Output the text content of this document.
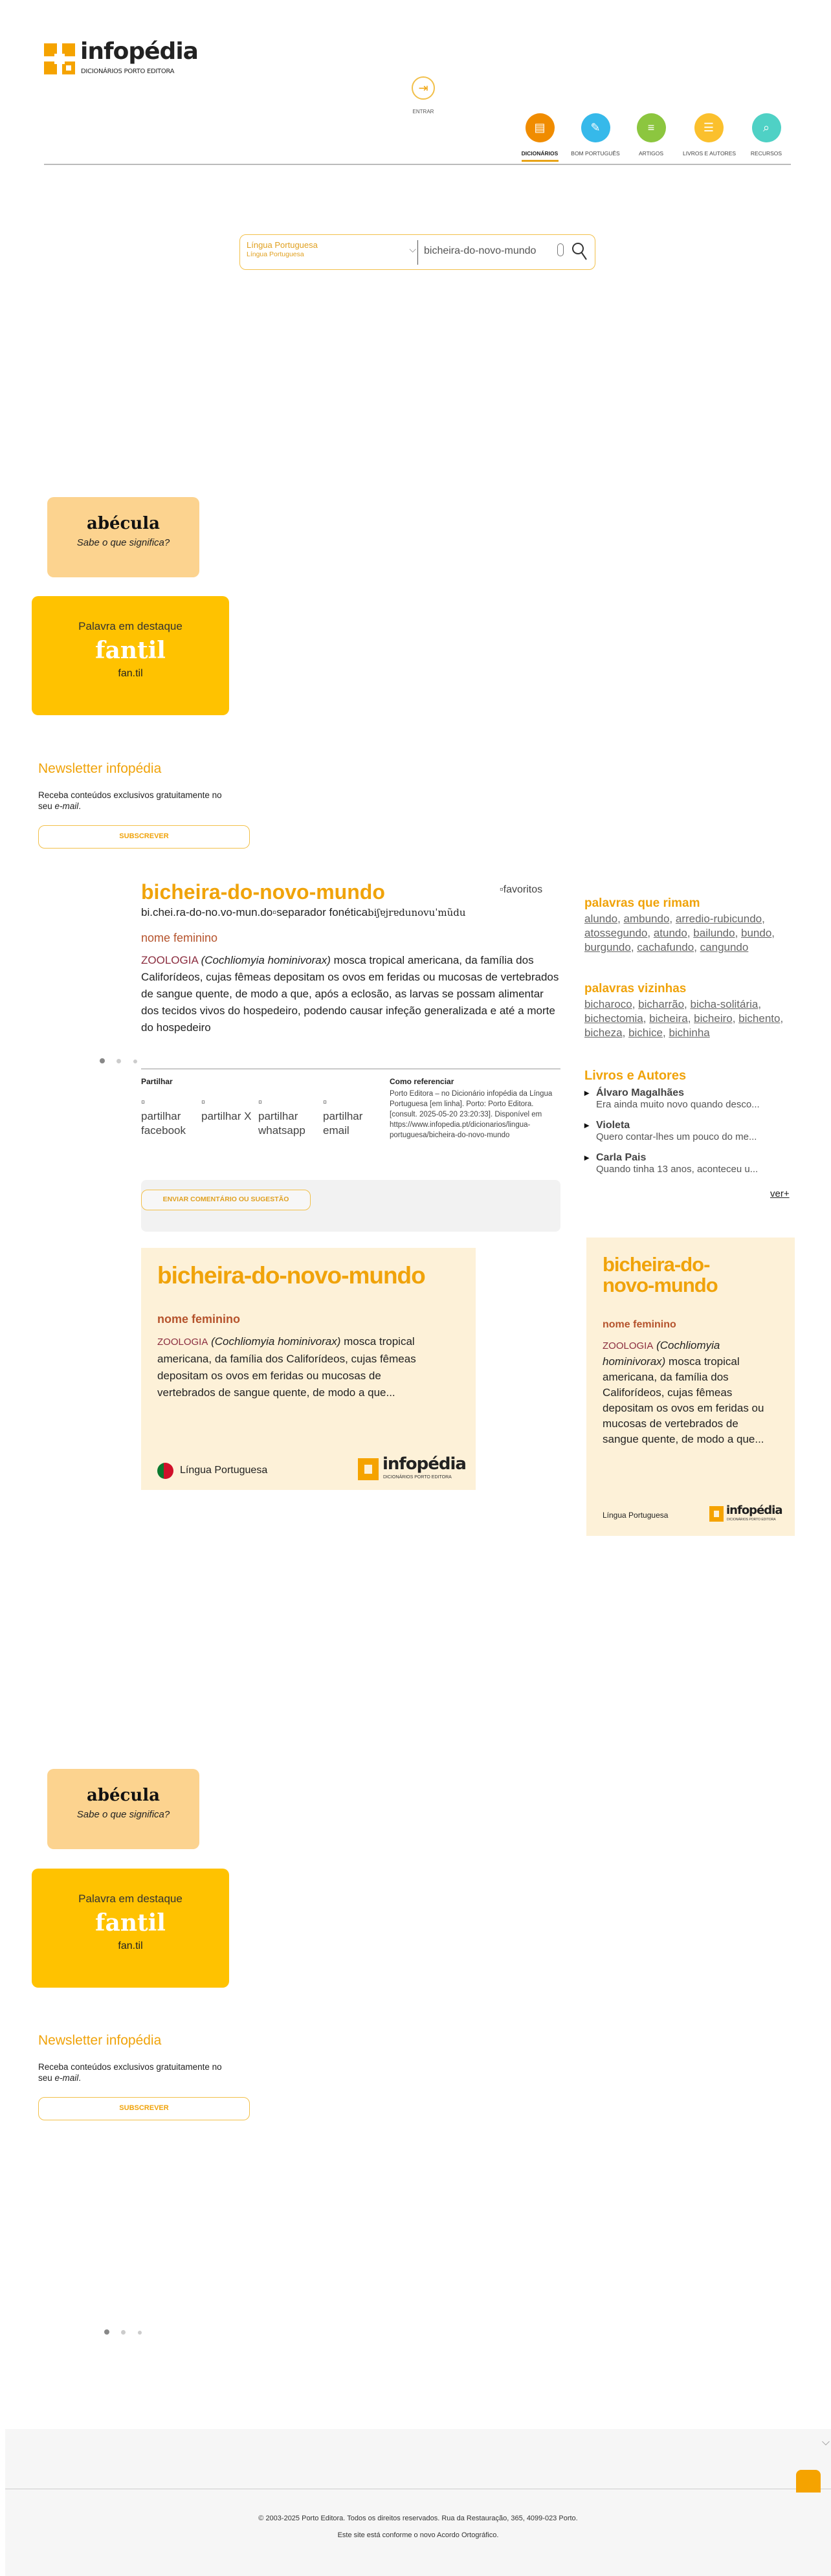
infopédia
DICIONÁRIOS PORTO EDITORA
⇥
ENTRAR
▤
DICIONÁRIOS
✎
BOM PORTUGUÊS
≡
ARTIGOS
☰
LIVROS E AUTORES
⌕
RECURSOS
Língua Portuguesa
Língua Portuguesa	⌵ bicheira-do-novo-mundo
abécula
Sabe o que significa?
Palavra em destaque
fantil
fan.til
Newsletter infopédia
Receba conteúdos exclusivos gratuitamente no seu e-mail.
SUBSCREVER
bicheira-do-novo-mundo	▫favoritos
bi.chei.ra-do-no.vo-mun.do▫separador fonéticabiʃɐjrɐdunovuˈmũdu
nome feminino
ZOOLOGIA (Cochliomyia hominivorax) mosca tropical americana, da família dos Califorídeos, cujas fêmeas depositam os ovos em feridas ou mucosas de vertebrados de sangue quente, de modo a que, após a eclosão, as larvas se possam alimentar dos tecidos vivos do hospedeiro, podendo causar infeção generalizada e até a morte do hospedeiro
Partilhar
▫
partilhar facebook
▫
partilhar X
▫
partilhar whatsapp
▫
partilhar email
Como referenciar
Porto Editora – no Dicionário infopédia da Língua Portuguesa [em linha]. Porto: Porto Editora. [consult. 2025-05-20 23:20:33]. Disponível em https://www.infopedia.pt/dicionarios/lingua-portuguesa/bicheira-do-novo-mundo
ENVIAR COMENTÁRIO OU SUGESTÃO
palavras que rimam
alundo, ambundo, arredio-rubicundo, atossegundo, atundo, bailundo, bundo, burgundo, cachafundo, cangundo
palavras vizinhas
bicharoco, bicharrão, bicha-solitária, bichectomia, bicheira, bicheiro, bichento, bicheza, bichice, bichinha
Livros e Autores
▸ Álvaro Magalhães
Era ainda muito novo quando desco...
▸ Violeta
Quero contar-lhes um pouco do me...
▸ Carla Pais
Quando tinha 13 anos, aconteceu u...
ver+
bicheira-do-novo-mundo
nome feminino
ZOOLOGIA (Cochliomyia hominivorax) mosca tropical americana, da família dos Califorídeos, cujas fêmeas depositam os ovos em feridas ou mucosas de vertebrados de sangue quente, de modo a que...
Língua Portuguesa	infopédia
DICIONÁRIOS PORTO EDITORA
bicheira-do-novo-mundo
nome feminino
ZOOLOGIA (Cochliomyia hominivorax) mosca tropical americana, da família dos Califorídeos, cujas fêmeas depositam os ovos em feridas ou mucosas de vertebrados de sangue quente, de modo a que...
Língua Portuguesa	infopédia
DICIONÁRIOS PORTO EDITORA
abécula
Sabe o que significa?
Palavra em destaque
fantil
fan.til
Newsletter infopédia
Receba conteúdos exclusivos gratuitamente no seu e-mail.
SUBSCREVER
⌵
© 2003-2025 Porto Editora. Todos os direitos reservados. Rua da Restauração, 365, 4099-023 Porto.
Este site está conforme o novo Acordo Ortográfico.
